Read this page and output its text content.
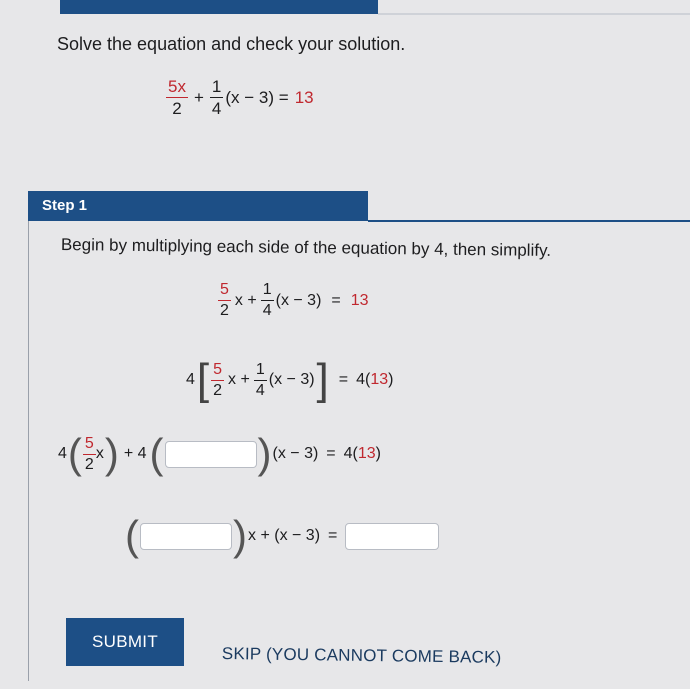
Solve the equation and check your solution.
$\frac{5x}{2} + \frac{1}{4} (x - 3) = 13$
Step 1
Begin by multiplying each side of the equation by 4, then simplify.
$\frac{5}{2}$ $x + \frac{1}{4} (x - 3) = 13$
4 [ $\frac{5}{2}$ $x + \frac{1}{4} (x - 3)$ ] = 4( 13 )
4 ( $\frac{5}{2}$ x ) + 4 ( ) (x − 3) = 4( 13 )
( ) x + (x − 3) =
SUBMIT
SKIP (YOU CANNOT COME BACK)
